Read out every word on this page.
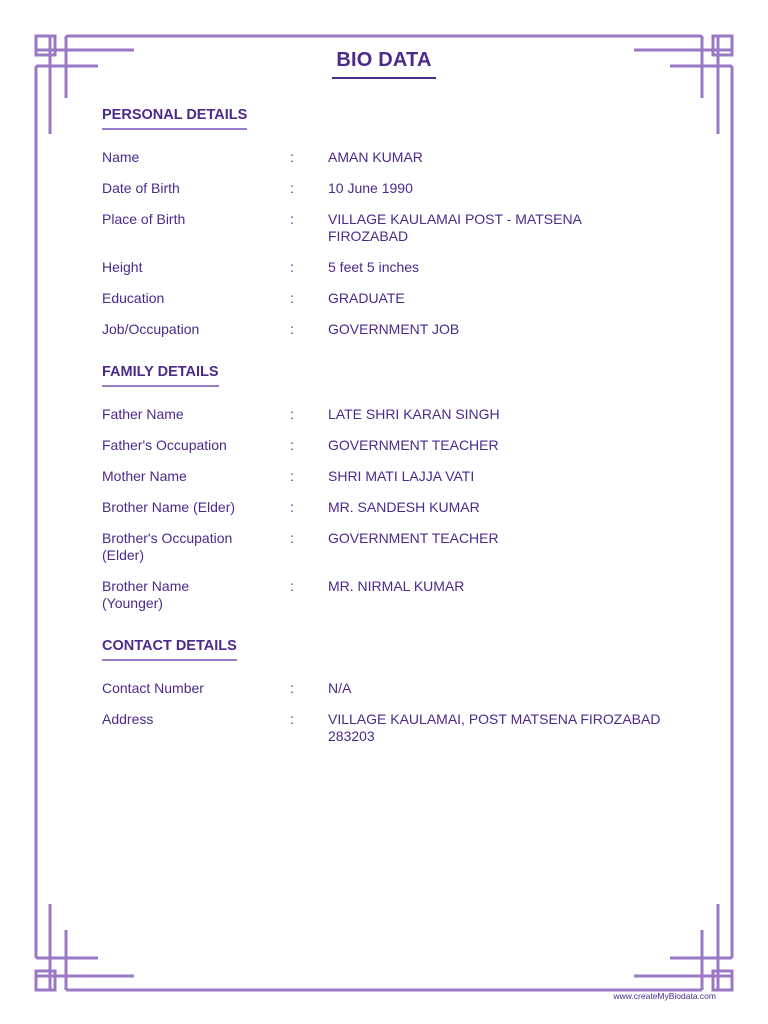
BIO DATA
PERSONAL DETAILS
Name	:	AMAN KUMAR
Date of Birth	:	10 June 1990
Place of Birth	:	VILLAGE KAULAMAI POST - MATSENA FIROZABAD
Height	:	5 feet 5 inches
Education	:	GRADUATE
Job/Occupation	:	GOVERNMENT JOB
FAMILY DETAILS
Father Name	:	LATE SHRI KARAN SINGH
Father's Occupation	:	GOVERNMENT TEACHER
Mother Name	:	SHRI MATI LAJJA VATI
Brother Name (Elder)	:	MR. SANDESH KUMAR
Brother's Occupation (Elder)
:	GOVERNMENT TEACHER
Brother Name (Younger)
:	MR. NIRMAL KUMAR
CONTACT DETAILS
Contact Number	:	N/A
Address	:	VILLAGE KAULAMAI, POST MATSENA FIROZABAD 283203
www.createMyBiodata.com
